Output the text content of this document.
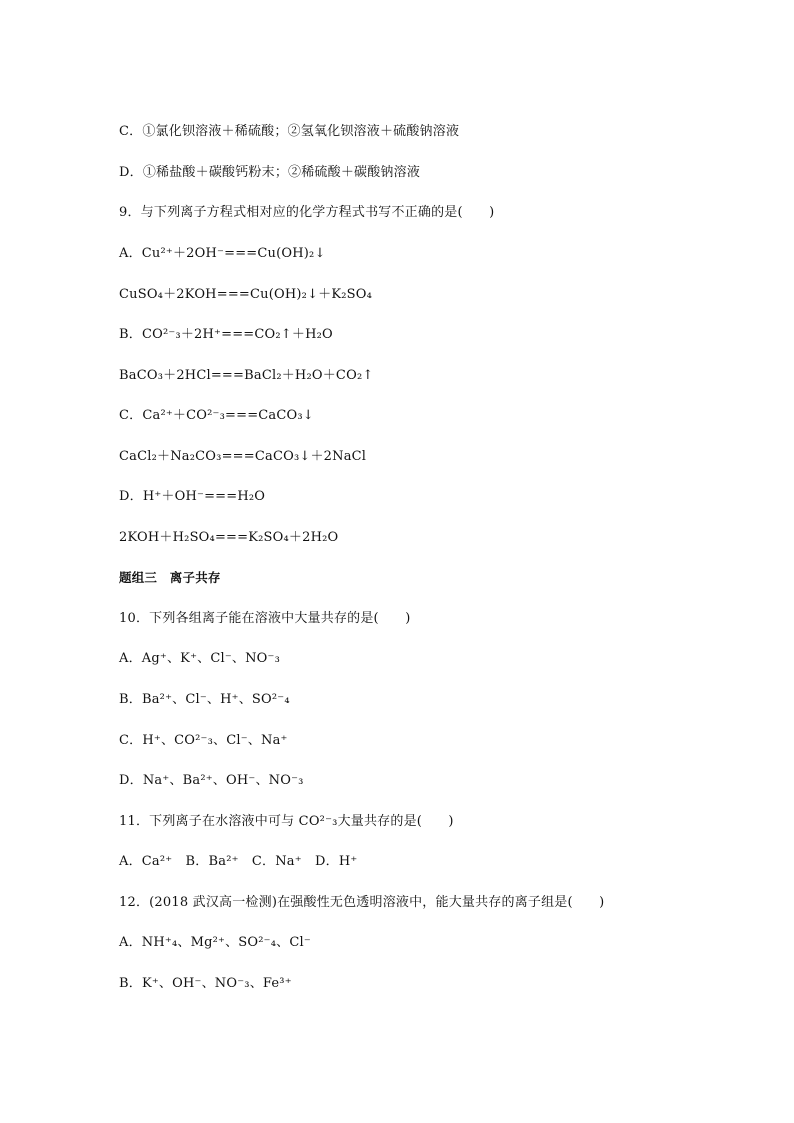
C．①氯化钡溶液＋稀硫酸；②氢氧化钡溶液＋硫酸钠溶液
D．①稀盐酸＋碳酸钙粉末；②稀硫酸＋碳酸钠溶液
9．与下列离子方程式相对应的化学方程式书写不正确的是(　　)
A．Cu²⁺＋2OH⁻===Cu(OH)₂↓
CuSO₄＋2KOH===Cu(OH)₂↓＋K₂SO₄
B．CO²⁻₃＋2H⁺===CO₂↑＋H₂O
BaCO₃＋2HCl===BaCl₂＋H₂O＋CO₂↑
C．Ca²⁺＋CO²⁻₃===CaCO₃↓
CaCl₂＋Na₂CO₃===CaCO₃↓＋2NaCl
D．H⁺＋OH⁻===H₂O
2KOH＋H₂SO₄===K₂SO₄＋2H₂O
题组三　离子共存
10．下列各组离子能在溶液中大量共存的是(　　)
A．Ag⁺、K⁺、Cl⁻、NO⁻₃
B．Ba²⁺、Cl⁻、H⁺、SO²⁻₄
C．H⁺、CO²⁻₃、Cl⁻、Na⁺
D．Na⁺、Ba²⁺、OH⁻、NO⁻₃
11．下列离子在水溶液中可与 CO²⁻₃大量共存的是(　　)
A．Ca²⁺　B．Ba²⁺　C．Na⁺　D．H⁺
12．(2018 武汉高一检测)在强酸性无色透明溶液中，能大量共存的离子组是(　　)
A．NH⁺₄、Mg²⁺、SO²⁻₄、Cl⁻
B．K⁺、OH⁻、NO⁻₃、Fe³⁺
